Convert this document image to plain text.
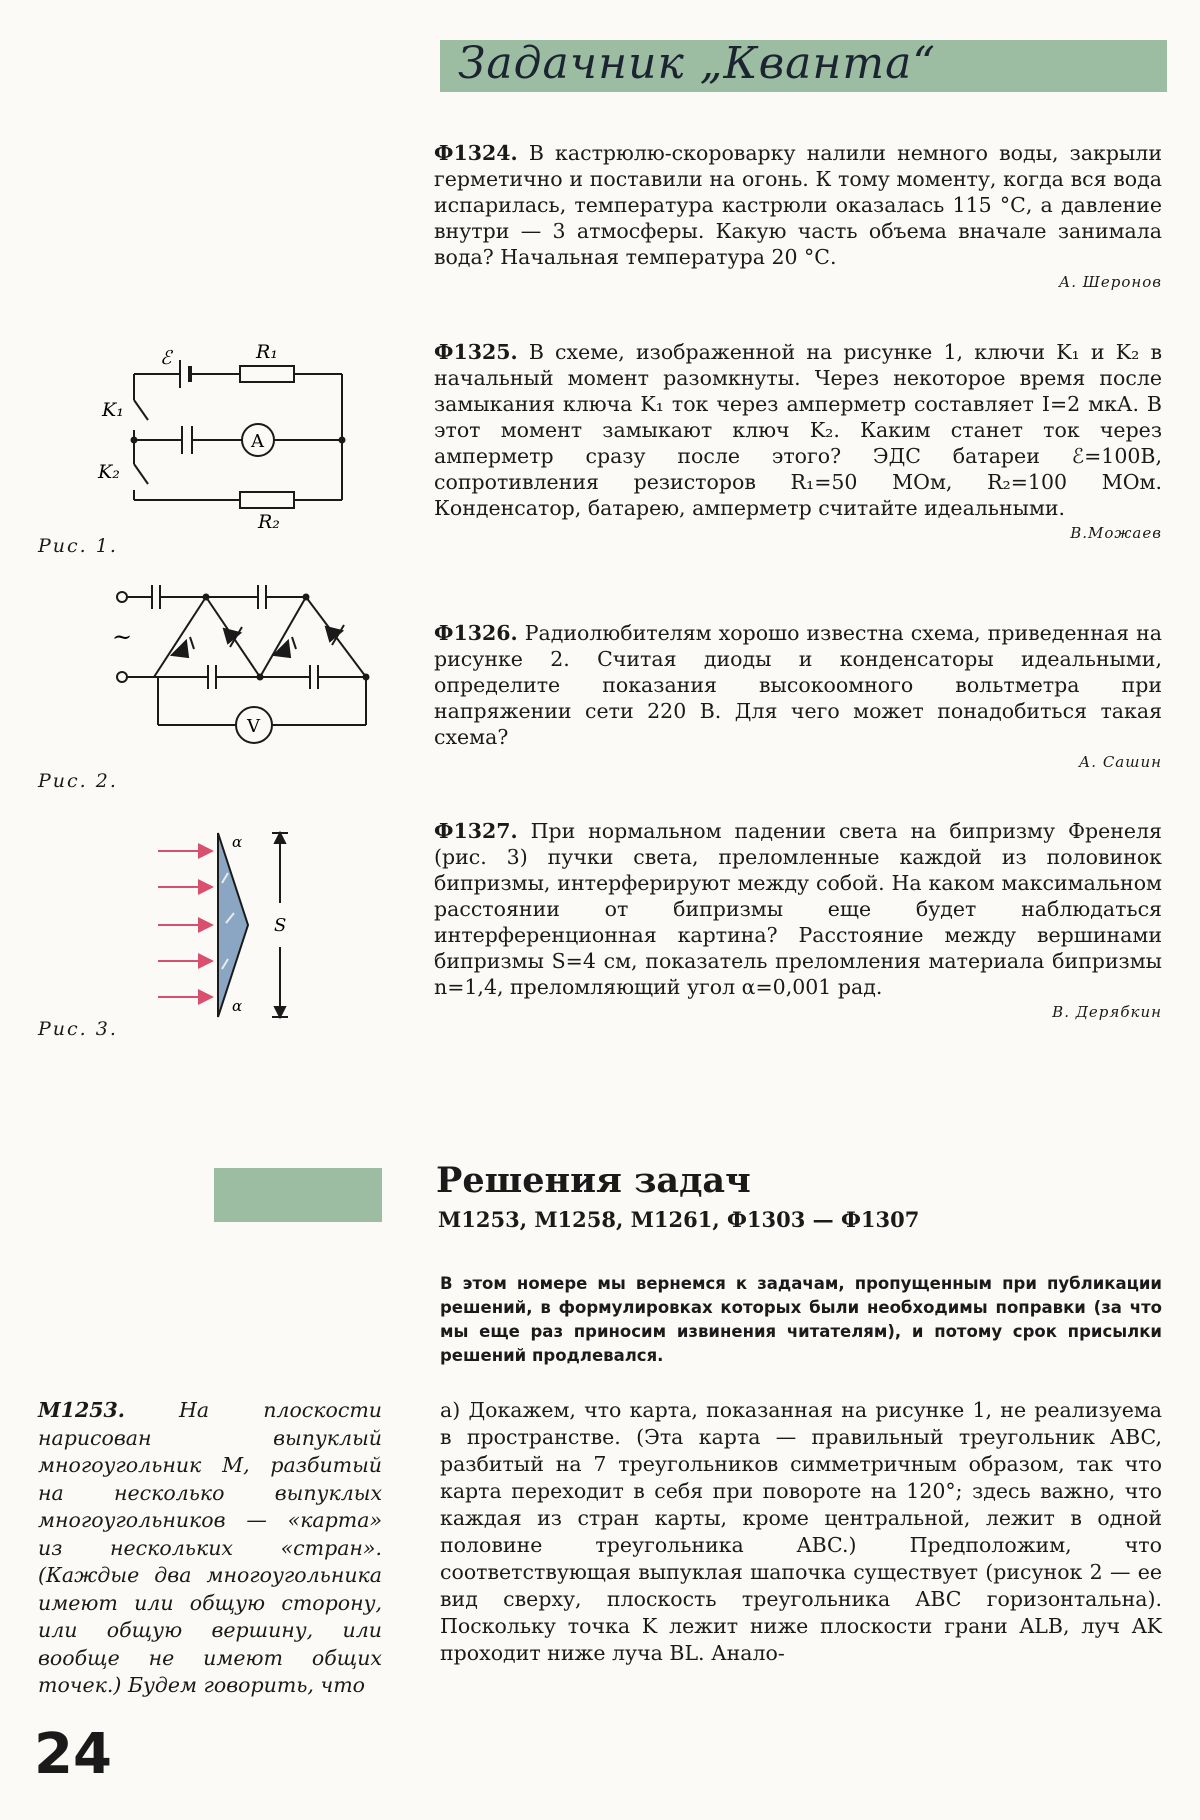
Задачник „Кванта“
Ф1324. В кастрюлю-скороварку налили немного воды, закрыли герметично и поставили на огонь. К тому моменту, когда вся вода испарилась, температура кастрюли оказалась 115 °С, а давление внутри — 3 атмосферы. Какую часть объема вначале занимала вода? Начальная температура 20 °С.
А. Шеронов
Ф1325. В схеме, изображенной на рисунке 1, ключи K₁ и K₂ в начальный момент разомкнуты. Через некоторое время после замыкания ключа K₁ ток через амперметр составляет I=2 мкА. В этот момент замыкают ключ K₂. Каким станет ток через амперметр сразу после этого? ЭДС батареи ℰ=100В, сопротивления резисторов R₁=50 МОм, R₂=100 МОм. Конденсатор, батарею, амперметр считайте идеальными.
В.Можаев
Ф1326. Радиолюбителям хорошо известна схема, приведенная на рисунке 2. Считая диоды и конденсаторы идеальными, определите показания высокоомного вольтметра при напряжении сети 220 В. Для чего может понадобиться такая схема?
А. Сашин
Ф1327. При нормальном падении света на бипризму Френеля (рис. 3) пучки света, преломленные каждой из половинок бипризмы, интерферируют между собой. На каком максимальном расстоянии от бипризмы еще будет наблюдаться интерференционная картина? Расстояние между вершинами бипризмы S=4 см, показатель преломления материала бипризмы n=1,4, преломляющий угол α=0,001 рад.
В. Дерябкин
ℰ	R₁
R₂
K₁
K₂
A
Рис. 1.
~
V
Рис. 2.
α
α
S
Рис. 3.
Решения задач
М1253, М1258, М1261, Ф1303 — Ф1307
В этом номере мы вернемся к задачам, пропущенным при публикации решений, в формулировках которых были необходимы поправки (за что мы еще раз приносим извинения читателям), и потому срок присылки решений продлевался.
а) Докажем, что карта, показанная на рисунке 1, не реализуема в пространстве. (Эта карта — правильный треугольник ABC, разбитый на 7 треугольников симметричным образом, так что карта переходит в себя при повороте на 120°; здесь важно, что каждая из стран карты, кроме центральной, лежит в одной половине треугольника ABC.) Предположим, что соответствующая выпуклая шапочка существует (рисунок 2 — ее вид сверху, плоскость треугольника ABC горизонтальна). Поскольку точка K лежит ниже плоскости грани ALB, луч AK проходит ниже луча BL. Анало-
М1253.	На плоскости нарисован выпуклый многоугольник М, разбитый на несколько выпуклых многоугольников — «карта» из нескольких «стран». (Каждые два многоугольника имеют или общую сторону, или общую вершину, или вообще не имеют общих точек.) Будем говорить, что
24
